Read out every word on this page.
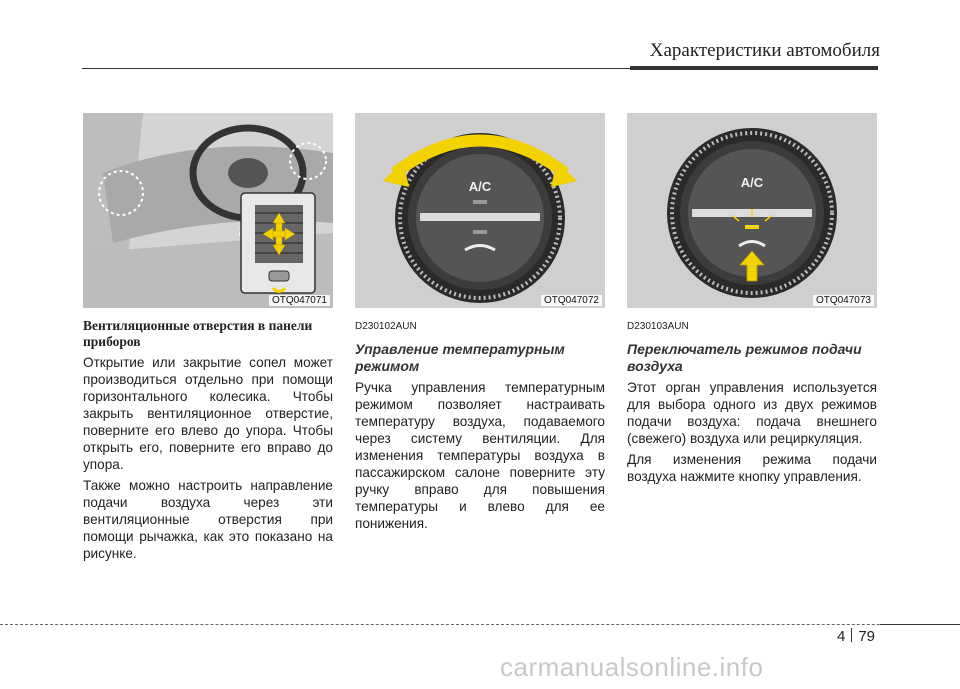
Характеристики автомобиля
OTQ047071
A/C
OTQ047072
A/C
OTQ047073
Вентиляционные отверстия в панели приборов

Открытие или закрытие сопел может производиться отдельно при помощи горизонтального колесика. Чтобы закрыть вентиляционное отверстие, поверните его влево до упора. Чтобы открыть его, поверните его вправо до упора.

Также можно настроить направление подачи воздуха через эти вентиляционные отверстия при помощи рычажка, как это показано на рисунке.

D230102AUN
Управление температурным режимом

Ручка управления температурным режимом позволяет настраивать температуру воздуха, подаваемого через систему вентиляции. Для изменения температуры воздуха в пассажирском салоне поверните эту ручку вправо для повышения температуры и влево для ее понижения.

D230103AUN
Переключатель режимов подачи воздуха

Этот орган управления используется для выбора одного из двух режимов подачи воздуха: подача внешнего (свежего) воздуха или рециркуляция.

Для изменения режима подачи воздуха нажмите кнопку управления.

4 79
carmanualsonline.info
